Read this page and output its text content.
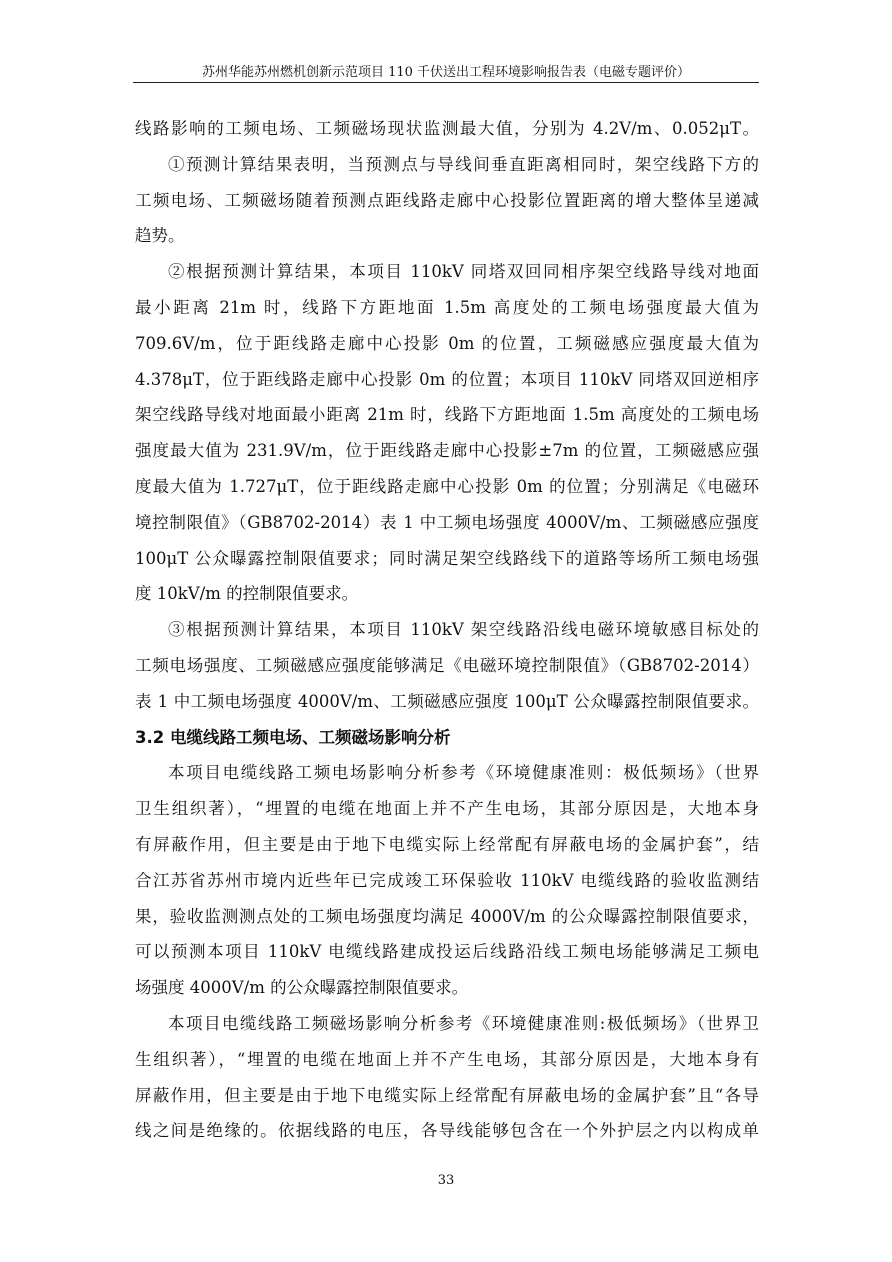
苏州华能苏州燃机创新示范项目 110 千伏送出工程环境影响报告表（电磁专题评价）
线路影响的工频电场、工频磁场现状监测最大值，分别为 4.2V/m、0.052μT。
①预测计算结果表明，当预测点与导线间垂直距离相同时，架空线路下方的
工频电场、工频磁场随着预测点距线路走廊中心投影位置距离的增大整体呈递减
趋势。
②根据预测计算结果，本项目 110kV 同塔双回同相序架空线路导线对地面
最小距离 21m 时，线路下方距地面 1.5m 高度处的工频电场强度最大值为
709.6V/m，位于距线路走廊中心投影 0m 的位置，工频磁感应强度最大值为
4.378μT，位于距线路走廊中心投影 0m 的位置；本项目 110kV 同塔双回逆相序
架空线路导线对地面最小距离 21m 时，线路下方距地面 1.5m 高度处的工频电场
强度最大值为 231.9V/m，位于距线路走廊中心投影±7m 的位置，工频磁感应强
度最大值为 1.727μT，位于距线路走廊中心投影 0m 的位置；分别满足《电磁环
境控制限值》（GB8702-2014）表 1 中工频电场强度 4000V/m、工频磁感应强度
100μT 公众曝露控制限值要求；同时满足架空线路线下的道路等场所工频电场强
度 10kV/m 的控制限值要求。
③根据预测计算结果，本项目 110kV 架空线路沿线电磁环境敏感目标处的
工频电场强度、工频磁感应强度能够满足《电磁环境控制限值》（GB8702-2014）
表 1 中工频电场强度 4000V/m、工频磁感应强度 100μT 公众曝露控制限值要求。
3.2 电缆线路工频电场、工频磁场影响分析
本项目电缆线路工频电场影响分析参考《环境健康准则：极低频场》（世界
卫生组织著），“埋置的电缆在地面上并不产生电场，其部分原因是，大地本身
有屏蔽作用，但主要是由于地下电缆实际上经常配有屏蔽电场的金属护套”，结
合江苏省苏州市境内近些年已完成竣工环保验收 110kV 电缆线路的验收监测结
果，验收监测测点处的工频电场强度均满足 4000V/m 的公众曝露控制限值要求，
可以预测本项目 110kV 电缆线路建成投运后线路沿线工频电场能够满足工频电
场强度 4000V/m 的公众曝露控制限值要求。
本项目电缆线路工频磁场影响分析参考《环境健康准则:极低频场》（世界卫
生组织著），“埋置的电缆在地面上并不产生电场，其部分原因是，大地本身有
屏蔽作用，但主要是由于地下电缆实际上经常配有屏蔽电场的金属护套”且“各导
线之间是绝缘的。依据线路的电压，各导线能够包含在一个外护层之内以构成单
33
